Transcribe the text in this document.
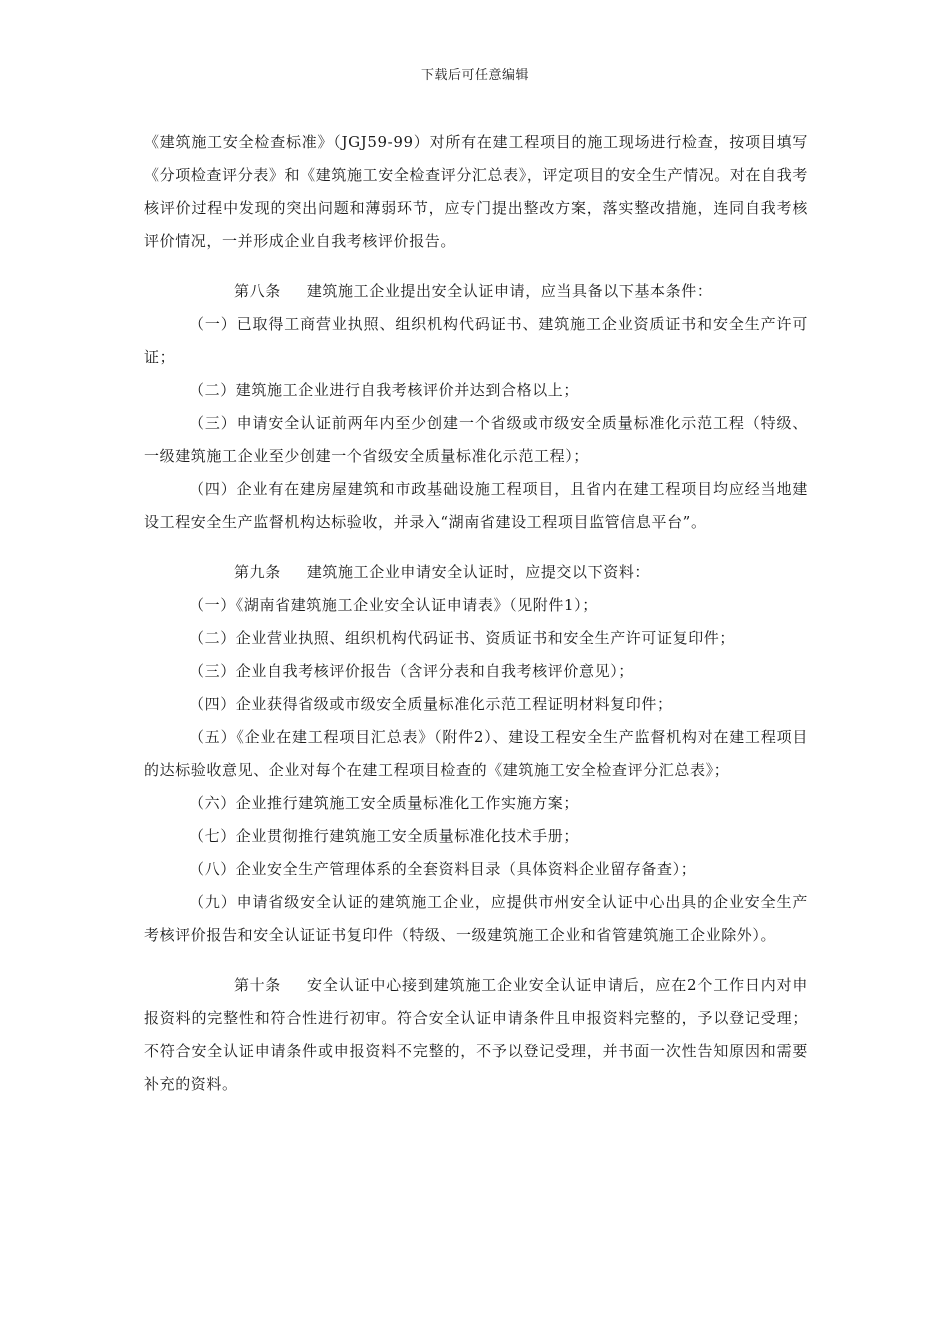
下载后可任意编辑

《建筑施工安全检查标准》（JGJ59-99）对所有在建工程项目的施工现场进行检查，按项目填写《分项检查评分表》和《建筑施工安全检查评分汇总表》，评定项目的安全生产情况。对在自我考核评价过程中发现的突出问题和薄弱环节，应专门提出整改方案，落实整改措施，连同自我考核评价情况，一并形成企业自我考核评价报告。

第八条 建筑施工企业提出安全认证申请，应当具备以下基本条件：

（一）已取得工商营业执照、组织机构代码证书、建筑施工企业资质证书和安全生产许可证；

（二）建筑施工企业进行自我考核评价并达到合格以上；

（三）申请安全认证前两年内至少创建一个省级或市级安全质量标准化示范工程（特级、一级建筑施工企业至少创建一个省级安全质量标准化示范工程）；

（四）企业有在建房屋建筑和市政基础设施工程项目，且省内在建工程项目均应经当地建设工程安全生产监督机构达标验收，并录入“湖南省建设工程项目监管信息平台”。

第九条 建筑施工企业申请安全认证时，应提交以下资料：

（一）《湖南省建筑施工企业安全认证申请表》（见附件1）；

（二）企业营业执照、组织机构代码证书、资质证书和安全生产许可证复印件；

（三）企业自我考核评价报告（含评分表和自我考核评价意见）；

（四）企业获得省级或市级安全质量标准化示范工程证明材料复印件；

（五）《企业在建工程项目汇总表》（附件2）、建设工程安全生产监督机构对在建工程项目的达标验收意见、企业对每个在建工程项目检查的《建筑施工安全检查评分汇总表》；

（六）企业推行建筑施工安全质量标准化工作实施方案；

（七）企业贯彻推行建筑施工安全质量标准化技术手册；

（八）企业安全生产管理体系的全套资料目录（具体资料企业留存备查）；

（九）申请省级安全认证的建筑施工企业，应提供市州安全认证中心出具的企业安全生产考核评价报告和安全认证证书复印件（特级、一级建筑施工企业和省管建筑施工企业除外）。

第十条 安全认证中心接到建筑施工企业安全认证申请后，应在2个工作日内对申报资料的完整性和符合性进行初审。符合安全认证申请条件且申报资料完整的，予以登记受理；不符合安全认证申请条件或申报资料不完整的，不予以登记受理，并书面一次性告知原因和需要补充的资料。
